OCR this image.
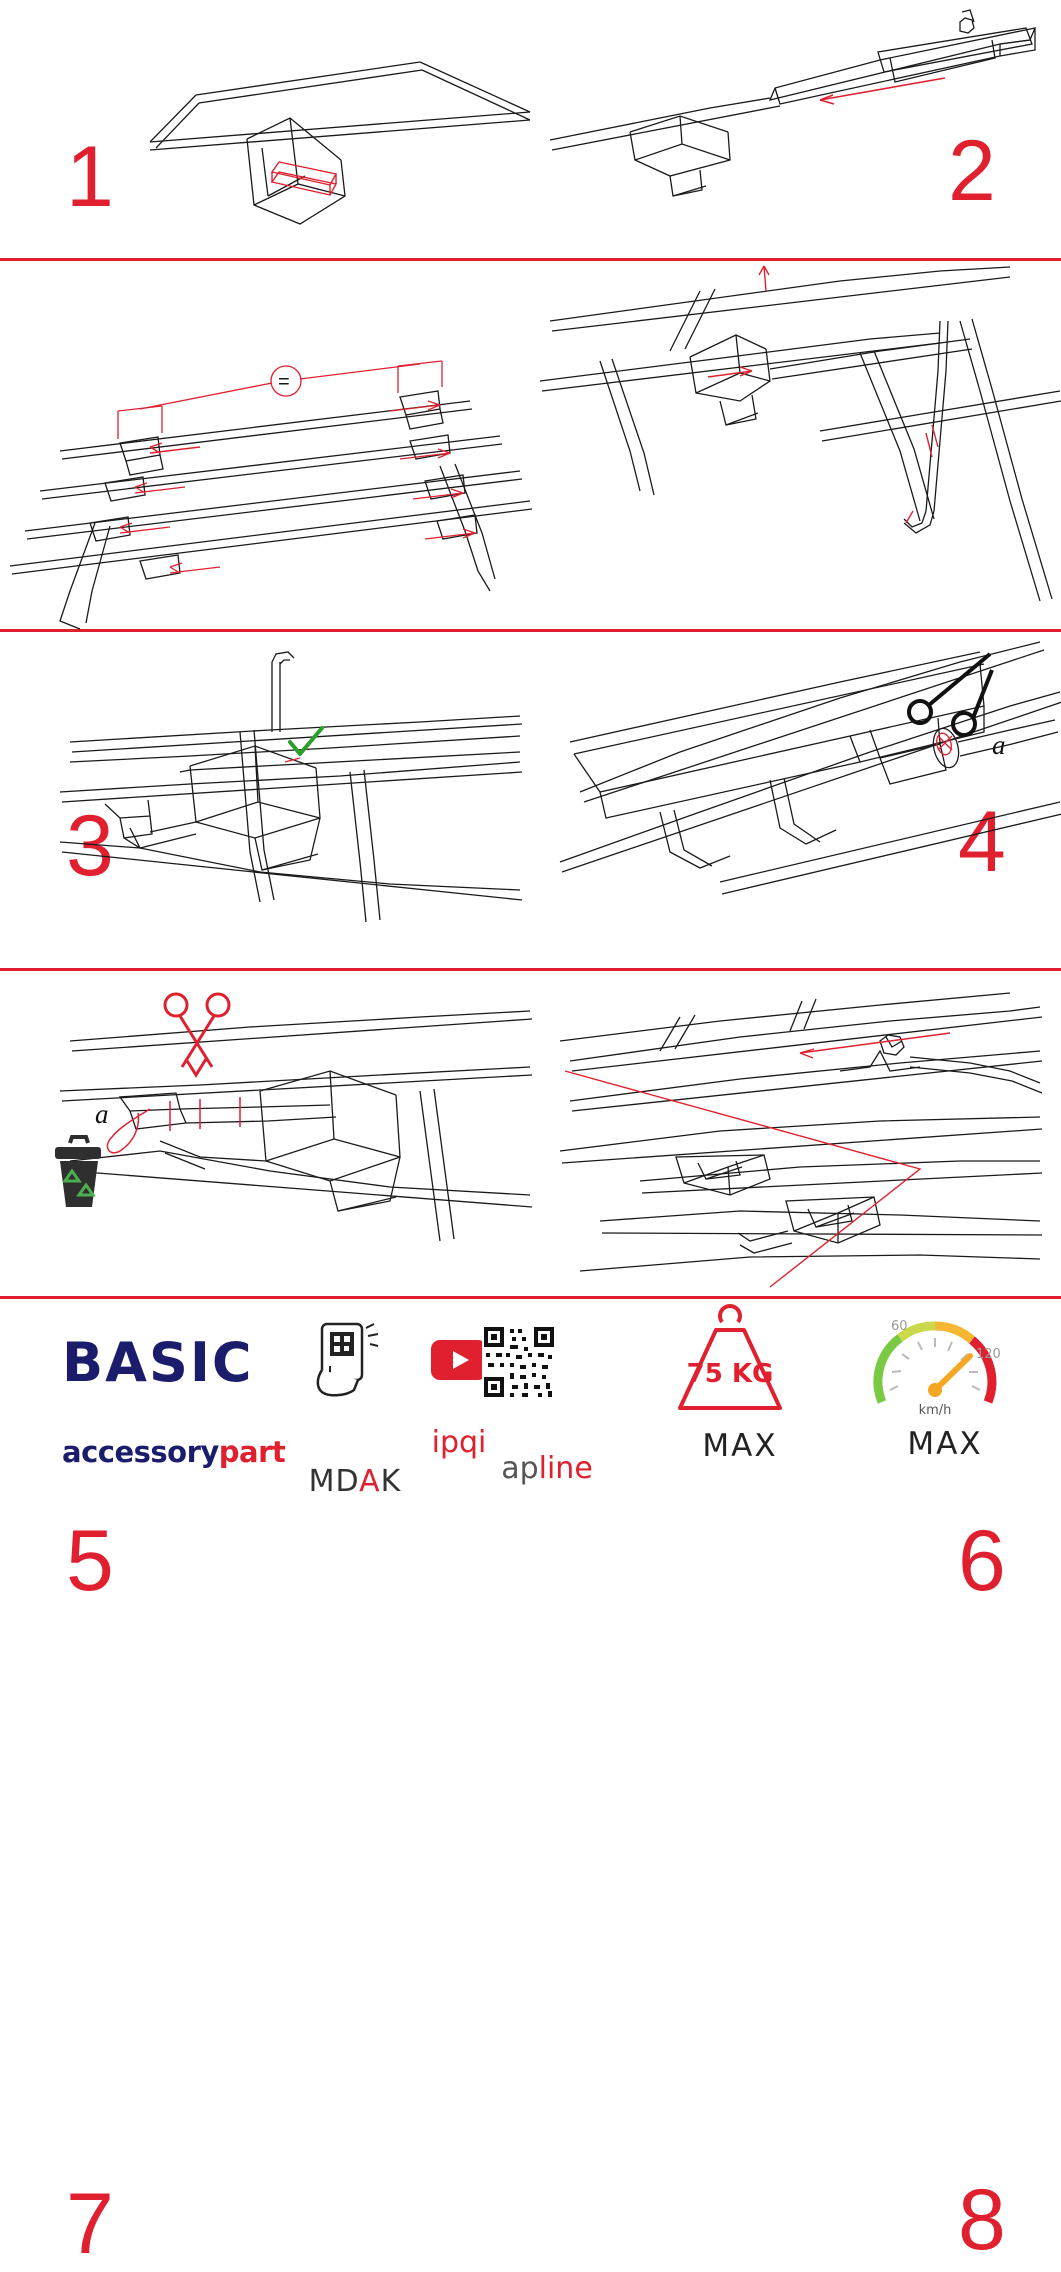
1	2
=
3	4
5
a
6
a
7	8
BASIC
accessorypart
MDAK
ipqi
apline
75 KG
MAX
60
120
km/h
MAX
